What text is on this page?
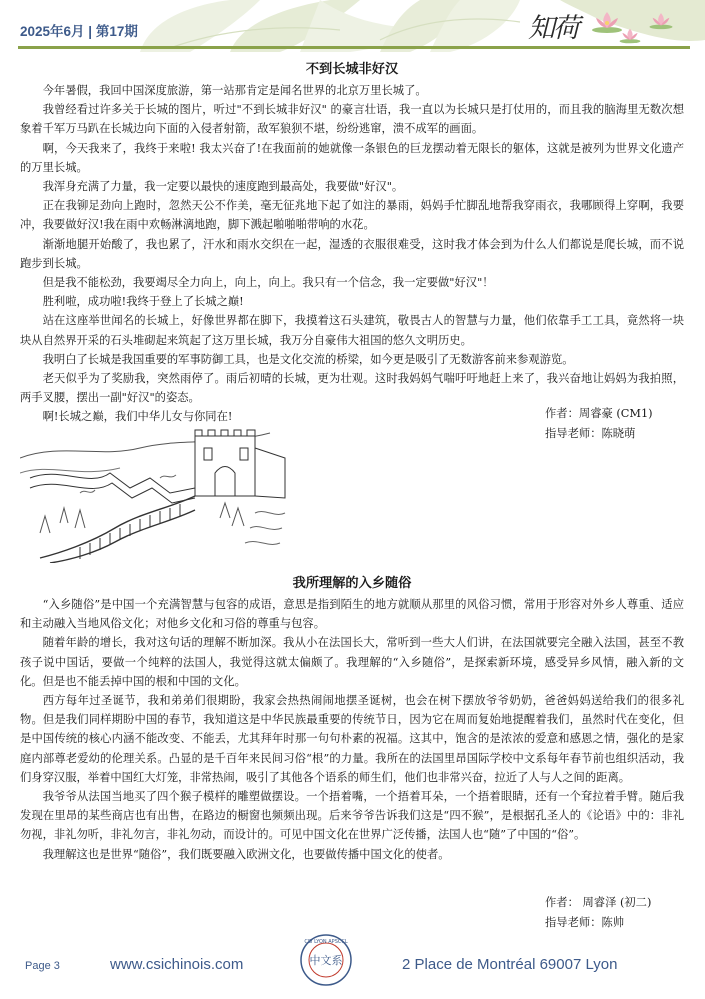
2025年6月 | 第17期	知荷
不到长城非好汉

今年暑假，我回中国深度旅游，第一站那肯定是闻名世界的北京万里长城了。

我曾经看过许多关于长城的图片，听过"不到长城非好汉" 的豪言壮语，我一直以为长城只是打仗用的，而且我的脑海里无数次想象着千军万马趴在长城边向下面的入侵者射箭，敌军狼狈不堪，纷纷逃窜，溃不成军的画面。

啊，今天我来了，我终于来啦! 我太兴奋了!在我面前的她就像一条银色的巨龙摆动着无限长的躯体，这就是被列为世界文化遗产的万里长城。

我浑身充满了力量，我一定要以最快的速度跑到最高处，我要做"好汉"。

正在我铆足劲向上跑时，忽然天公不作美，毫无征兆地下起了如注的暴雨，妈妈手忙脚乱地帮我穿雨衣，我哪顾得上穿啊，我要冲，我要做好汉!我在雨中欢畅淋漓地跑，脚下溅起啪啪啪带响的水花。

渐渐地腿开始酸了，我也累了，汗水和雨水交织在一起，湿透的衣服很难受，这时我才体会到为什么人们都说是爬长城，而不说跑步到长城。

但是我不能松劲，我要竭尽全力向上，向上，向上。我只有一个信念，我一定要做"好汉"！

胜利啦，成功啦!我终于登上了长城之巅!

站在这座举世闻名的长城上，好像世界都在脚下，我摸着这石头建筑，敬畏古人的智慧与力量，他们依靠手工工具，竟然将一块块从自然界开采的石头堆砌起来筑起了这万里长城，我万分自豪伟大祖国的悠久文明历史。

我明白了长城是我国重要的军事防御工具，也是文化交流的桥梁，如今更是吸引了无数游客前来参观游览。

老天似乎为了奖励我，突然雨停了。雨后初晴的长城，更为壮观。这时我妈妈气喘吁吁地赶上来了，我兴奋地让妈妈为我拍照，两手叉腰，摆出一副"好汉"的姿态。

啊!长城之巅，我们中华儿女与你同在!	作者：周睿豪 (CM1)
指导老师：陈晓萌
我所理解的入乡随俗

“入乡随俗”是中国一个充满智慧与包容的成语，意思是指到陌生的地方就顺从那里的风俗习惯，常用于形容对外乡人尊重、适应和主动融入当地风俗文化；对他乡文化和习俗的尊重与包容。

随着年龄的增长，我对这句话的理解不断加深。我从小在法国长大，常听到一些大人们讲，在法国就要完全融入法国，甚至不教孩子说中国话，要做一个纯粹的法国人，我觉得这就太偏颇了。我理解的“入乡随俗”，是探索新环境，感受异乡风情，融入新的文化。但是也不能丢掉中国的根和中国的文化。

西方每年过圣诞节，我和弟弟们很期盼，我家会热热闹闹地摆圣诞树，也会在树下摆放爷爷奶奶，爸爸妈妈送给我们的很多礼物。但是我们同样期盼中国的春节，我知道这是中华民族最重要的传统节日，因为它在周而复始地提醒着我们，虽然时代在变化，但是中国传统的核心内涵不能改变、不能丢，尤其拜年时那一句句朴素的祝福。这其中，饱含的是浓浓的爱意和感恩之情，强化的是家庭内部尊老爱幼的伦理关系。凸显的是千百年来民间习俗“根”的力量。我所在的法国里昂国际学校中文系每年春节前也组织活动，我们身穿汉服，举着中国红大灯笼，非常热闹，吸引了其他各个语系的师生们，他们也非常兴奋，拉近了人与人之间的距离。

我爷爷从法国当地买了四个猴子模样的雕塑做摆设。一个捂着嘴，一个捂着耳朵，一个捂着眼睛，还有一个耷拉着手臂。随后我发现在里昂的某些商店也有出售，在路边的橱窗也频频出现。后来爷爷告诉我们这是“四不猴”，是根据孔圣人的《论语》中的：非礼勿视，非礼勿听，非礼勿言，非礼勿动，而设计的。可见中国文化在世界广泛传播，法国人也“随”了中国的“俗”。

我理解这也是世界“随俗”，我们既要融入欧洲文化，也要做传播中国文化的使者。

作者： 周睿泽 (初二)
指导老师：陈帅
Page 3	www.csichinois.com	2 Place de Montréal 69007 Lyon
中文系
CSI LYON APSCCL
